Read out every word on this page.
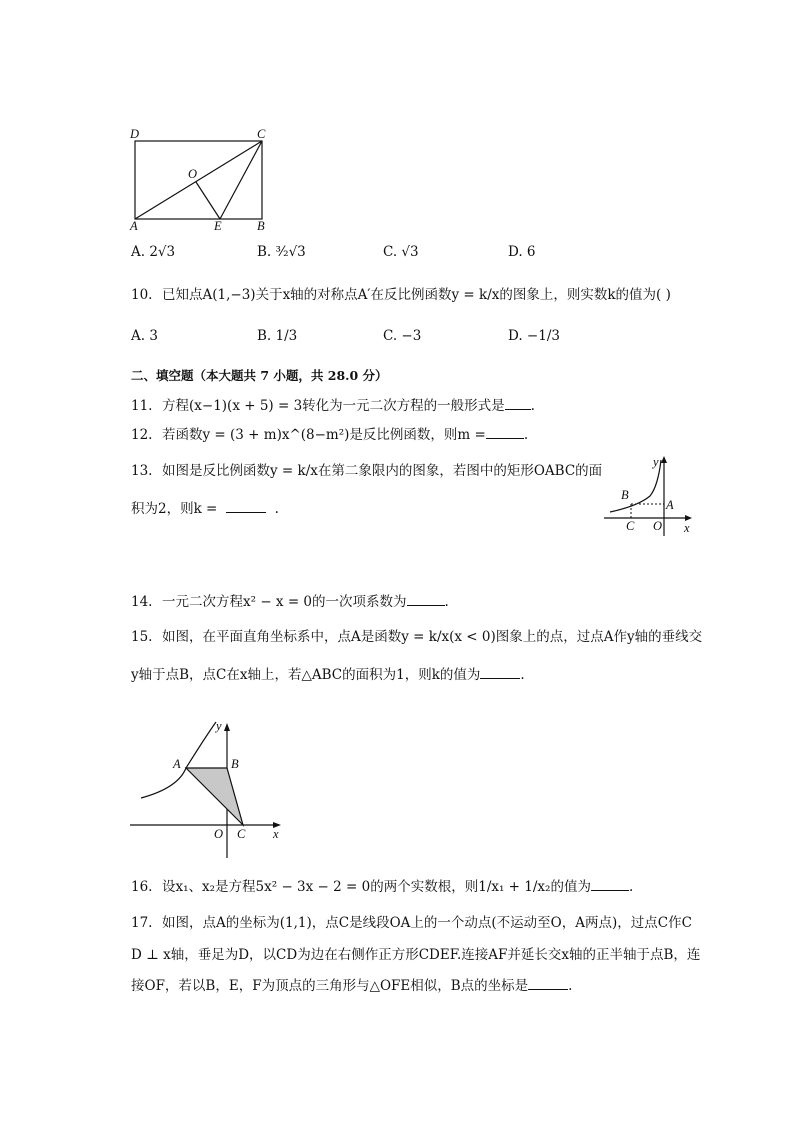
D	C
O
A	E	B
A. 2√3	B. ³⁄₂√3	C. √3	D. 6
10. 已知点A(1,−3)关于x轴的对称点A′在反比例函数y = k/x的图象上，则实数k的值为( )
A. 3	B. 1/3	C. −3	D. −1/3
二、填空题（本大题共 7 小题，共 28.0 分）
11. 方程(x−1)(x + 5) = 3转化为一元二次方程的一般形式是 .
12. 若函数y = (3 + m)x^(8−m²)是反比例函数，则m =	.
13. 如图是反比例函数y = k/x在第二象限内的图象，若图中的矩形OABC的面
积为2，则k =	.
y
B
A
C O x
14. 一元二次方程x² − x = 0的一次项系数为	.
15. 如图，在平面直角坐标系中，点A是函数y = k/x(x < 0)图象上的点，过点A作y轴的垂线交
y轴于点B，点C在x轴上，若△ABC的面积为1，则k的值为	.
y
A	B
O C x
16. 设x₁、x₂是方程5x² − 3x − 2 = 0的两个实数根，则1/x₁ + 1/x₂的值为	.
17. 如图，点A的坐标为(1,1)，点C是线段OA上的一个动点(不运动至O，A两点)，过点C作C
D ⊥ x轴，垂足为D，以CD为边在右侧作正方形CDEF.连接AF并延长交x轴的正半轴于点B，连
接OF，若以B，E，F为顶点的三角形与△OFE相似，B点的坐标是	.
